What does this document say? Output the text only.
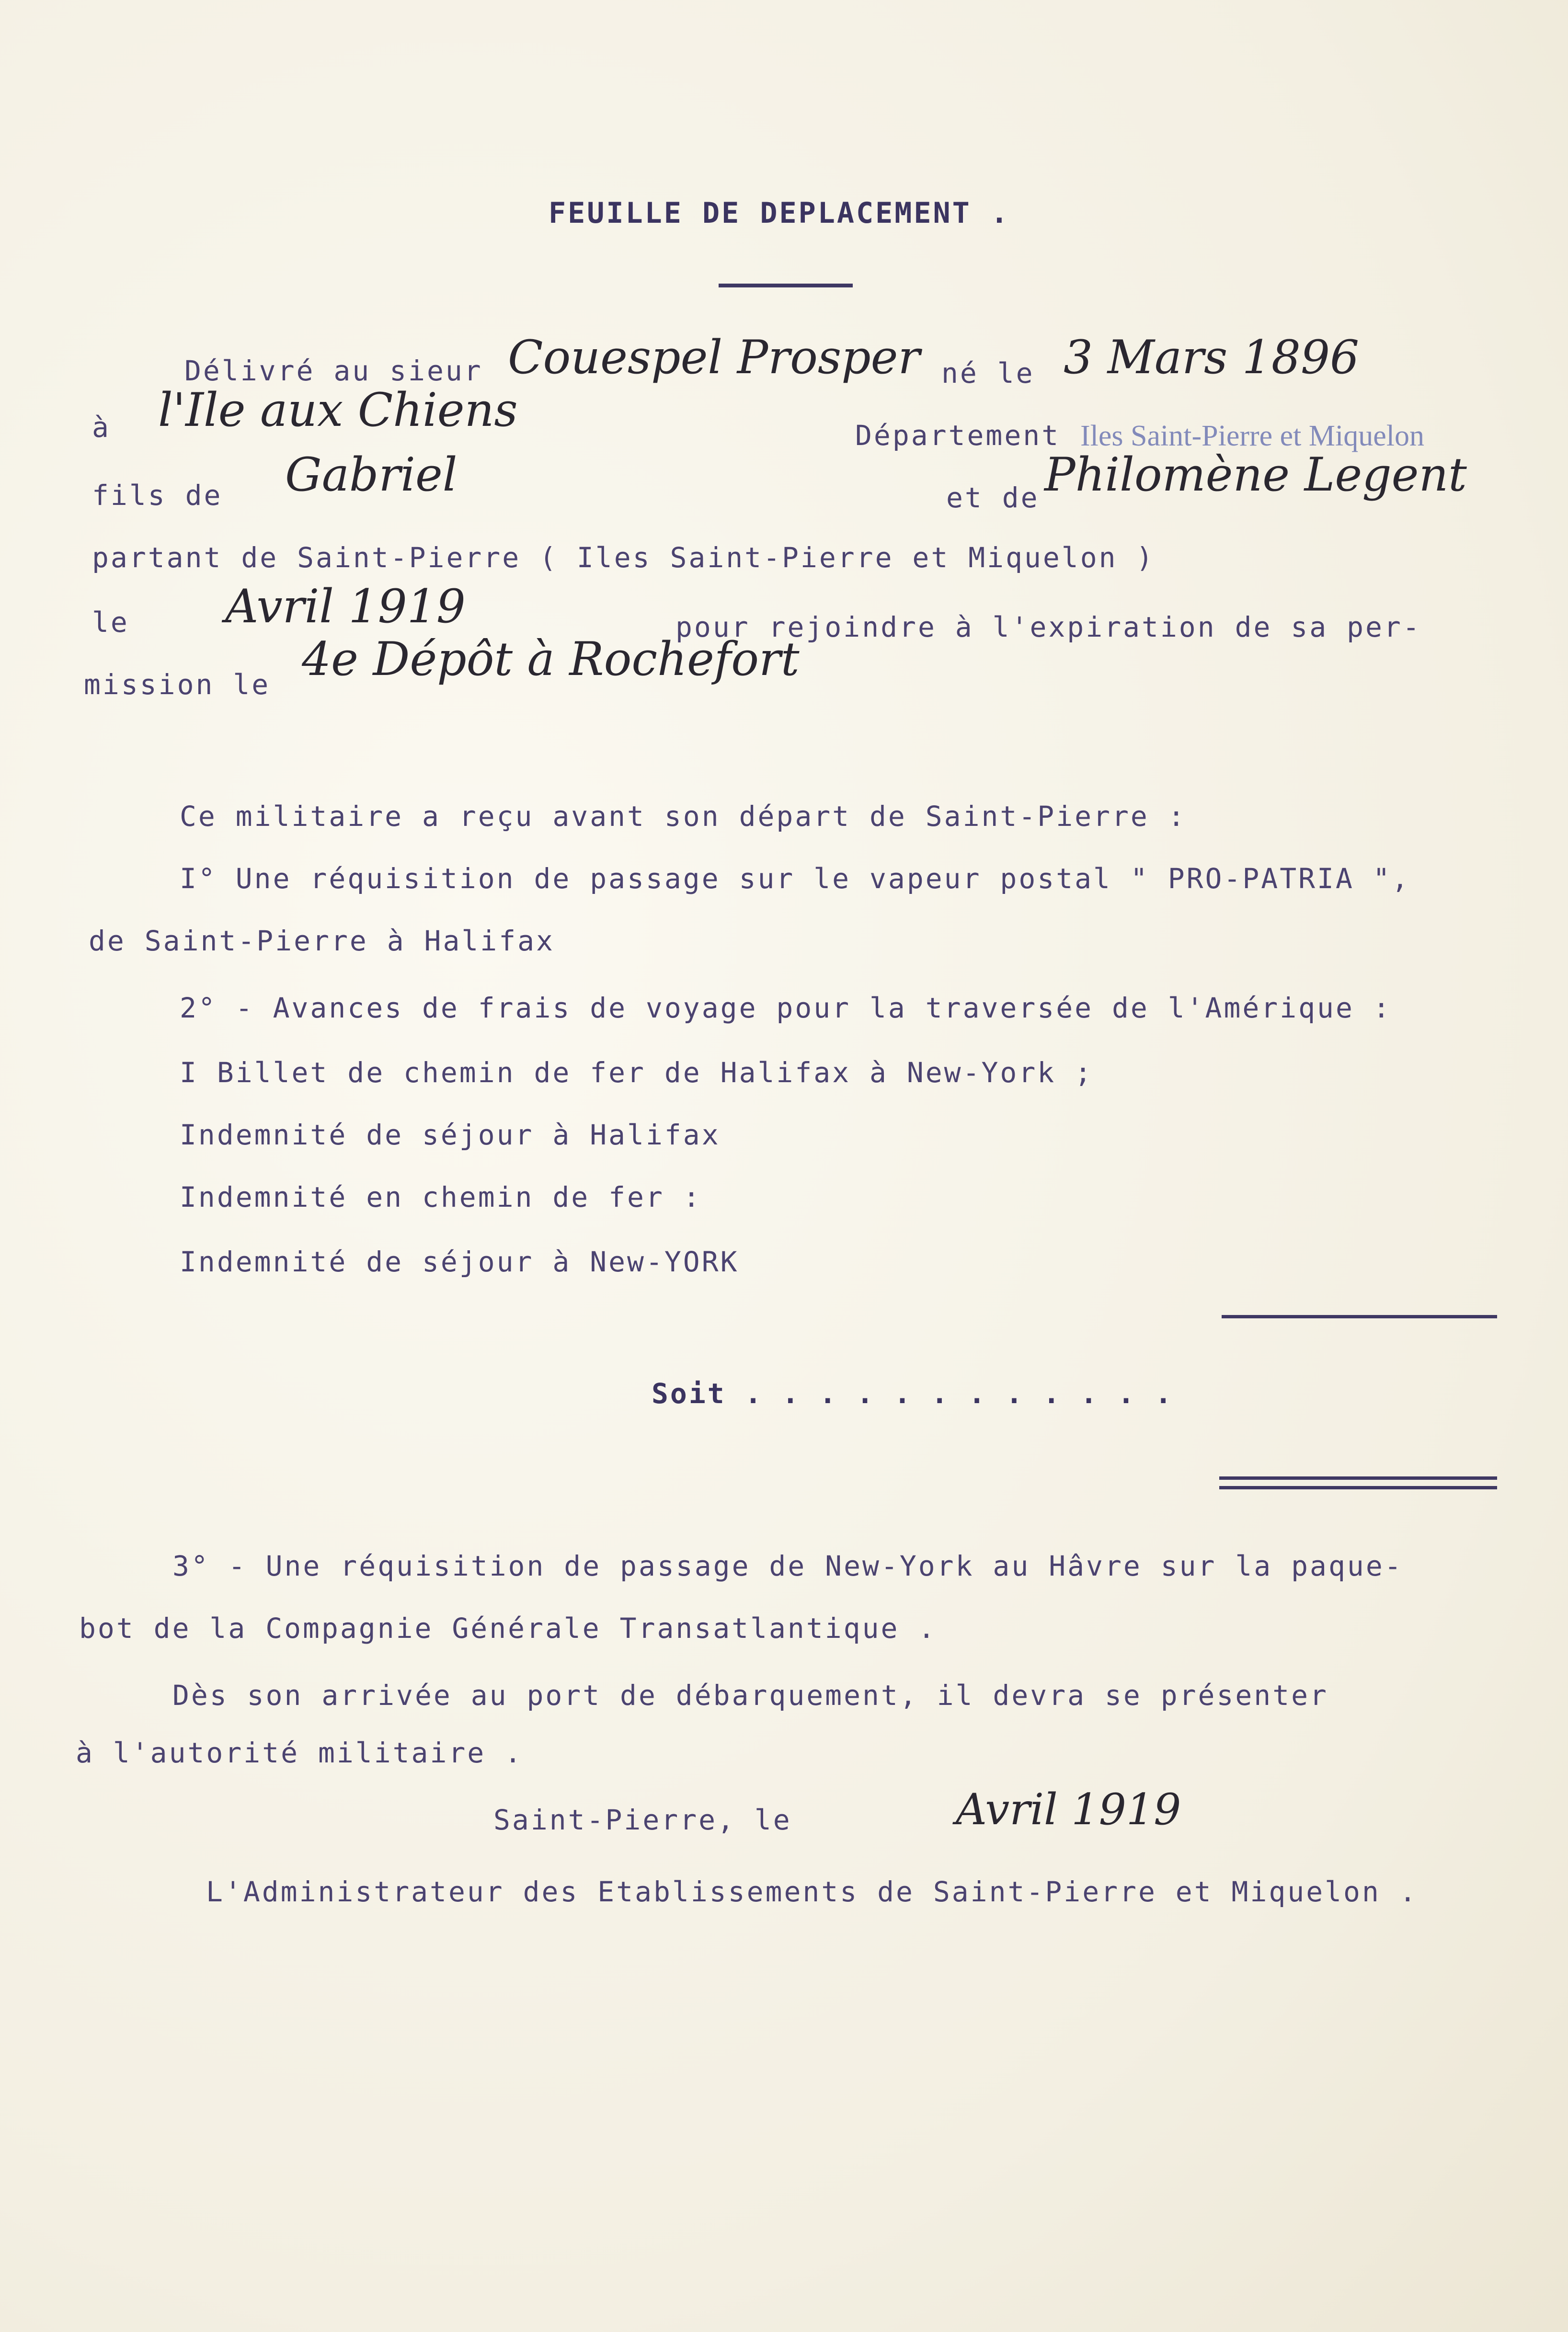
FEUILLE DE DEPLACEMENT .
Délivré au sieur Couespel Prosper né le 3 Mars 1896
à l'Ile aux Chiens	Département Iles Saint-Pierre et Miquelon
fils de Gabriel	et de Philomène Legent
partant de Saint-Pierre ( Iles Saint-Pierre et Miquelon )
le Avril 1919	pour rejoindre à l'expiration de sa per-
mission le 4e Dépôt à Rochefort
Ce militaire a reçu avant son départ de Saint-Pierre :
I° Une réquisition de passage sur le vapeur postal " PRO-PATRIA ",
de Saint-Pierre à Halifax
2° - Avances de frais de voyage pour la traversée de l'Amérique :
I Billet de chemin de fer de Halifax à New-York ;
Indemnité de séjour à Halifax
Indemnité en chemin de fer :
Indemnité de séjour à New-YORK
Soit . . . . . . . . . . . .
3° - Une réquisition de passage de New-York au Hâvre sur la paque-
bot de la Compagnie Générale Transatlantique .
Dès son arrivée au port de débarquement, il devra se présenter
à l'autorité militaire .
Saint-Pierre, le	Avril 1919
L'Administrateur des Etablissements de Saint-Pierre et Miquelon .
